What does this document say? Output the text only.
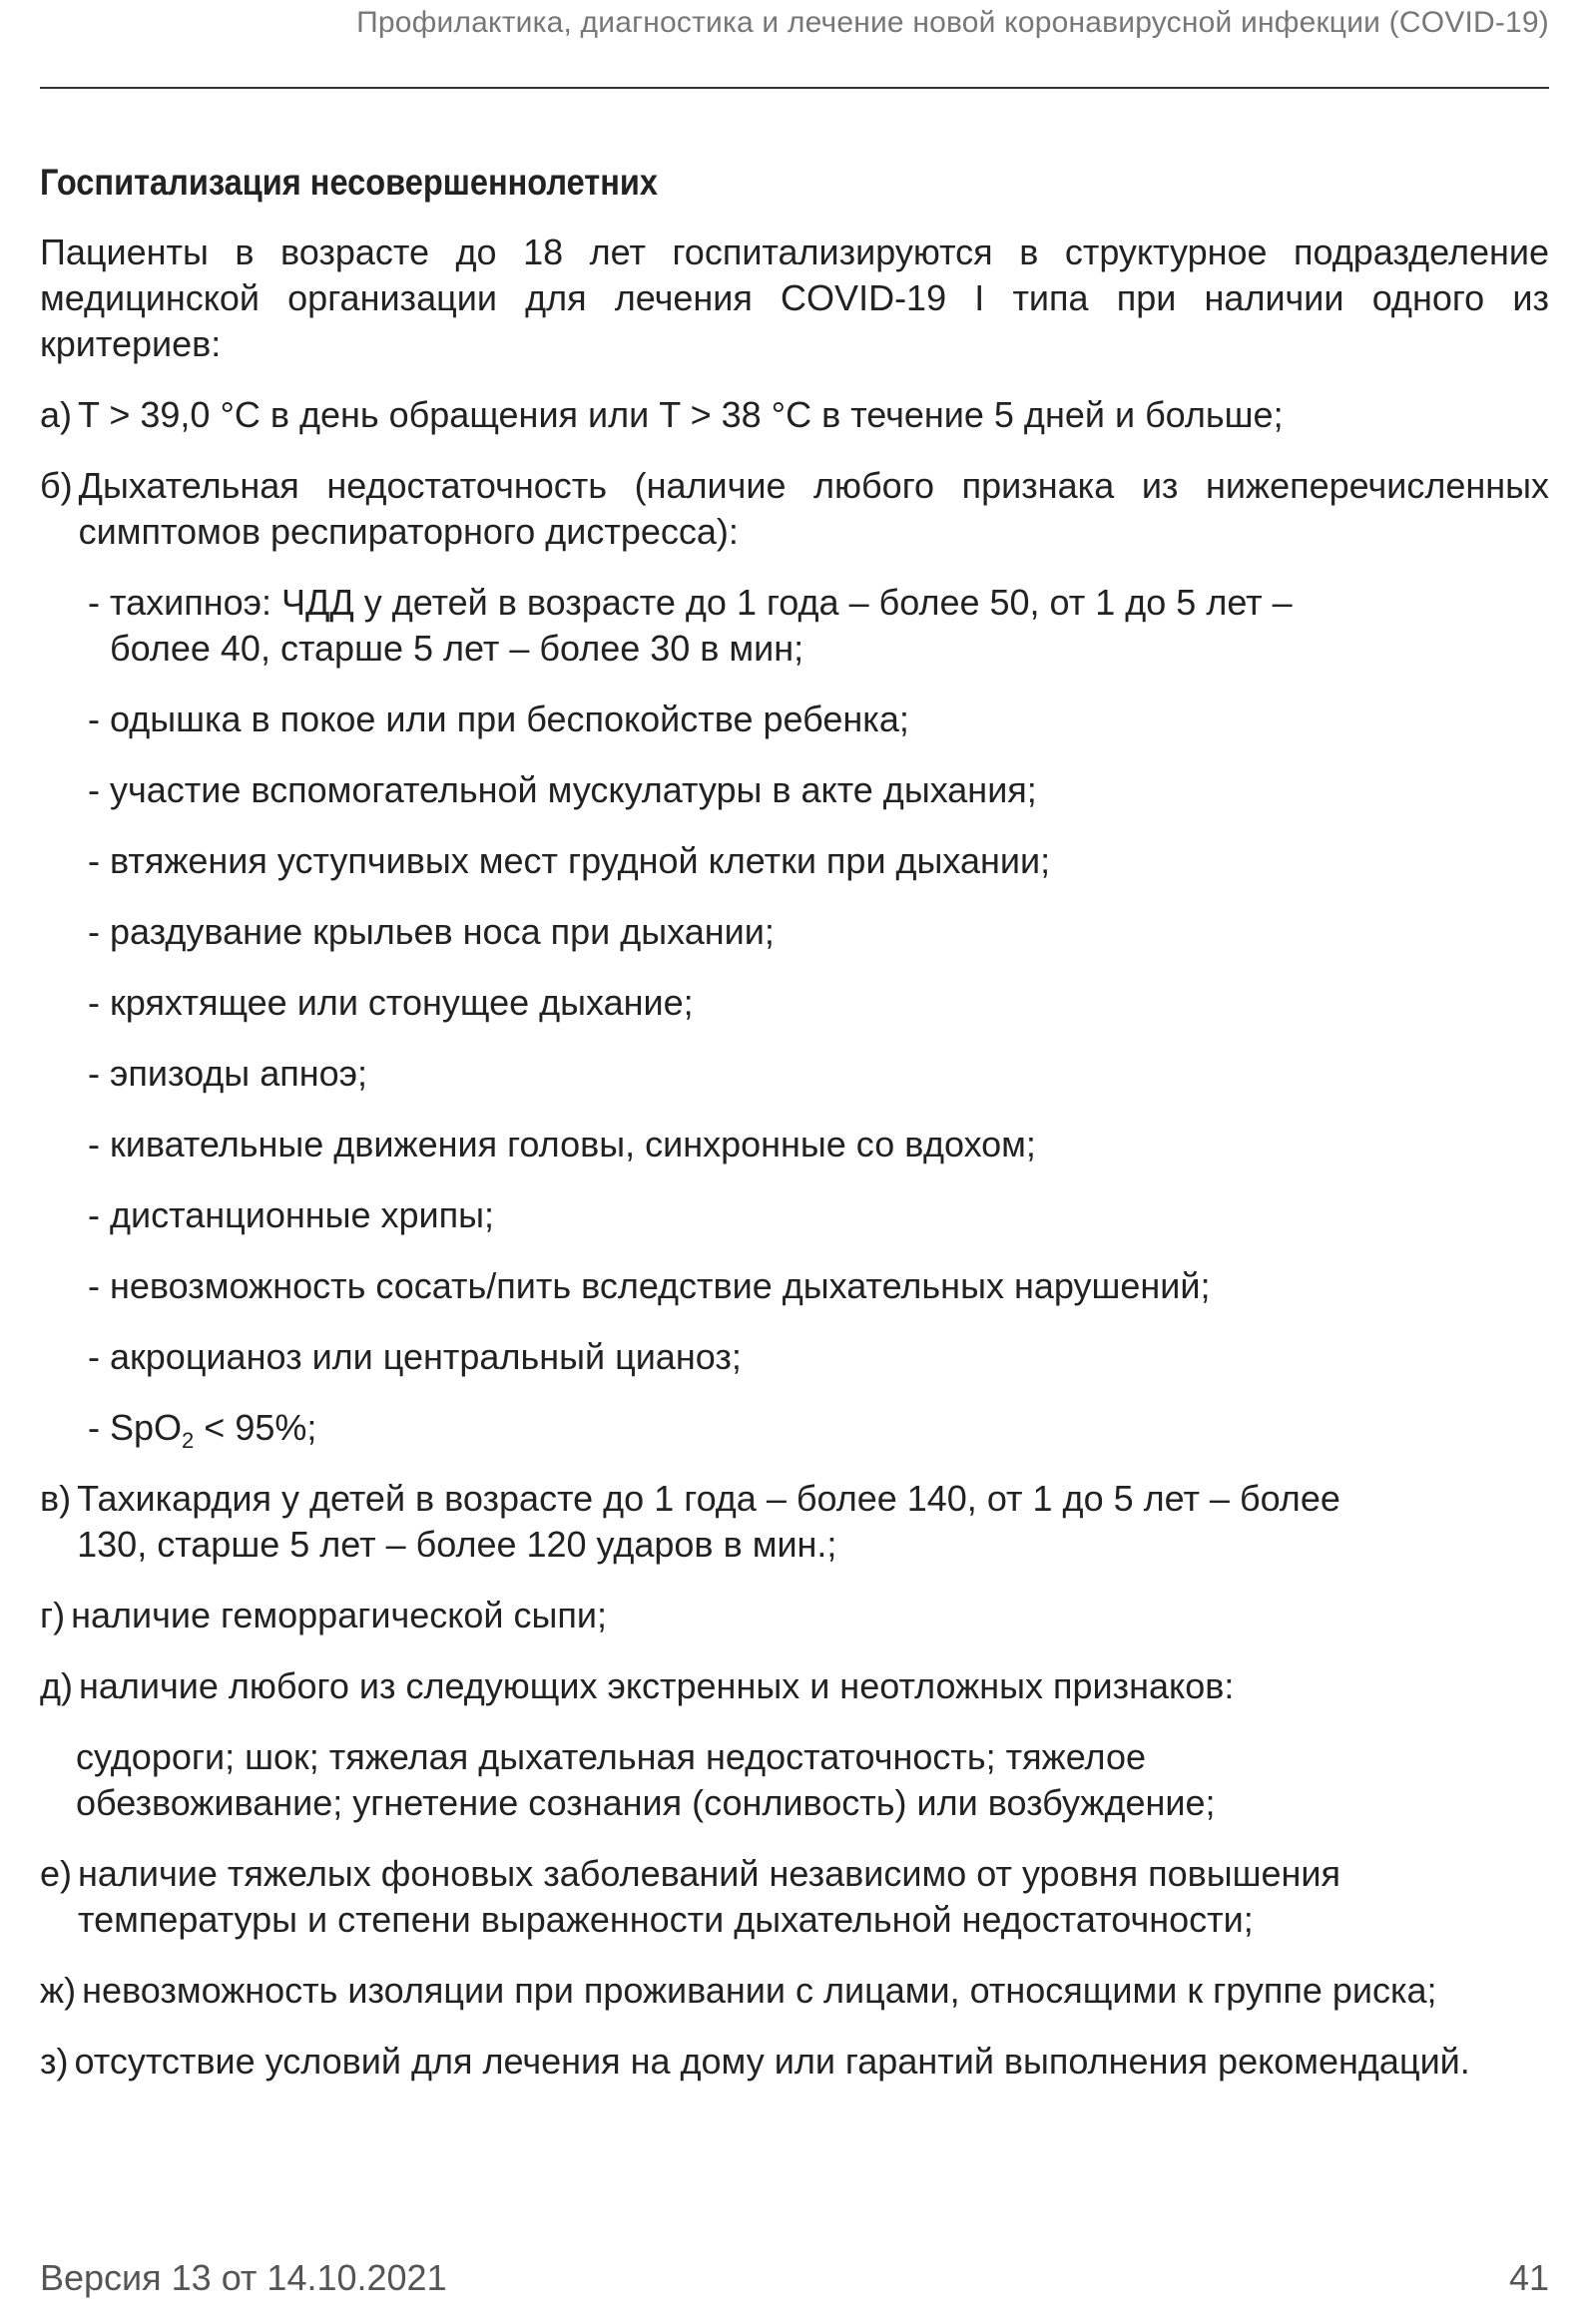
Профилактика, диагностика и лечение новой коронавирусной инфекции (COVID-19)
Госпитализация несовершеннолетних

Пациенты в возрасте до 18 лет госпитализируются в структурное подразделение медицинской организации для лечения COVID-19 I типа при наличии одного из критериев:

а) T > 39,0 °C в день обращения или T > 38 °C в течение 5 дней и больше;
б) Дыхательная недостаточность (наличие любого признака из нижеперечисленных симптомов респираторного дистресса):
- тахипноэ: ЧДД у детей в возрасте до 1 года – более 50, от 1 до 5 лет – более 40, старше 5 лет – более 30 в мин;
- одышка в покое или при беспокойстве ребенка;
- участие вспомогательной мускулатуры в акте дыхания;
- втяжения уступчивых мест грудной клетки при дыхании;
- раздувание крыльев носа при дыхании;
- кряхтящее или стонущее дыхание;
- эпизоды апноэ;
- кивательные движения головы, синхронные со вдохом;
- дистанционные хрипы;
- невозможность сосать/пить вследствие дыхательных нарушений;
- акроцианоз или центральный цианоз;
- SpO$_2$ < 95%;
в) Тахикардия у детей в возрасте до 1 года – более 140, от 1 до 5 лет – более 130, старше 5 лет – более 120 ударов в мин.;
г) наличие геморрагической сыпи;
д) наличие любого из следующих экстренных и неотложных признаков:
судороги; шок; тяжелая дыхательная недостаточность; тяжелое обезвоживание; угнетение сознания (сонливость) или возбуждение;
е) наличие тяжелых фоновых заболеваний независимо от уровня повышения температуры и степени выраженности дыхательной недостаточности;
ж) невозможность изоляции при проживании с лицами, относящими к группе риска;
з) отсутствие условий для лечения на дому или гарантий выполнения рекомендаций.
Версия 13 от 14.10.2021	41
